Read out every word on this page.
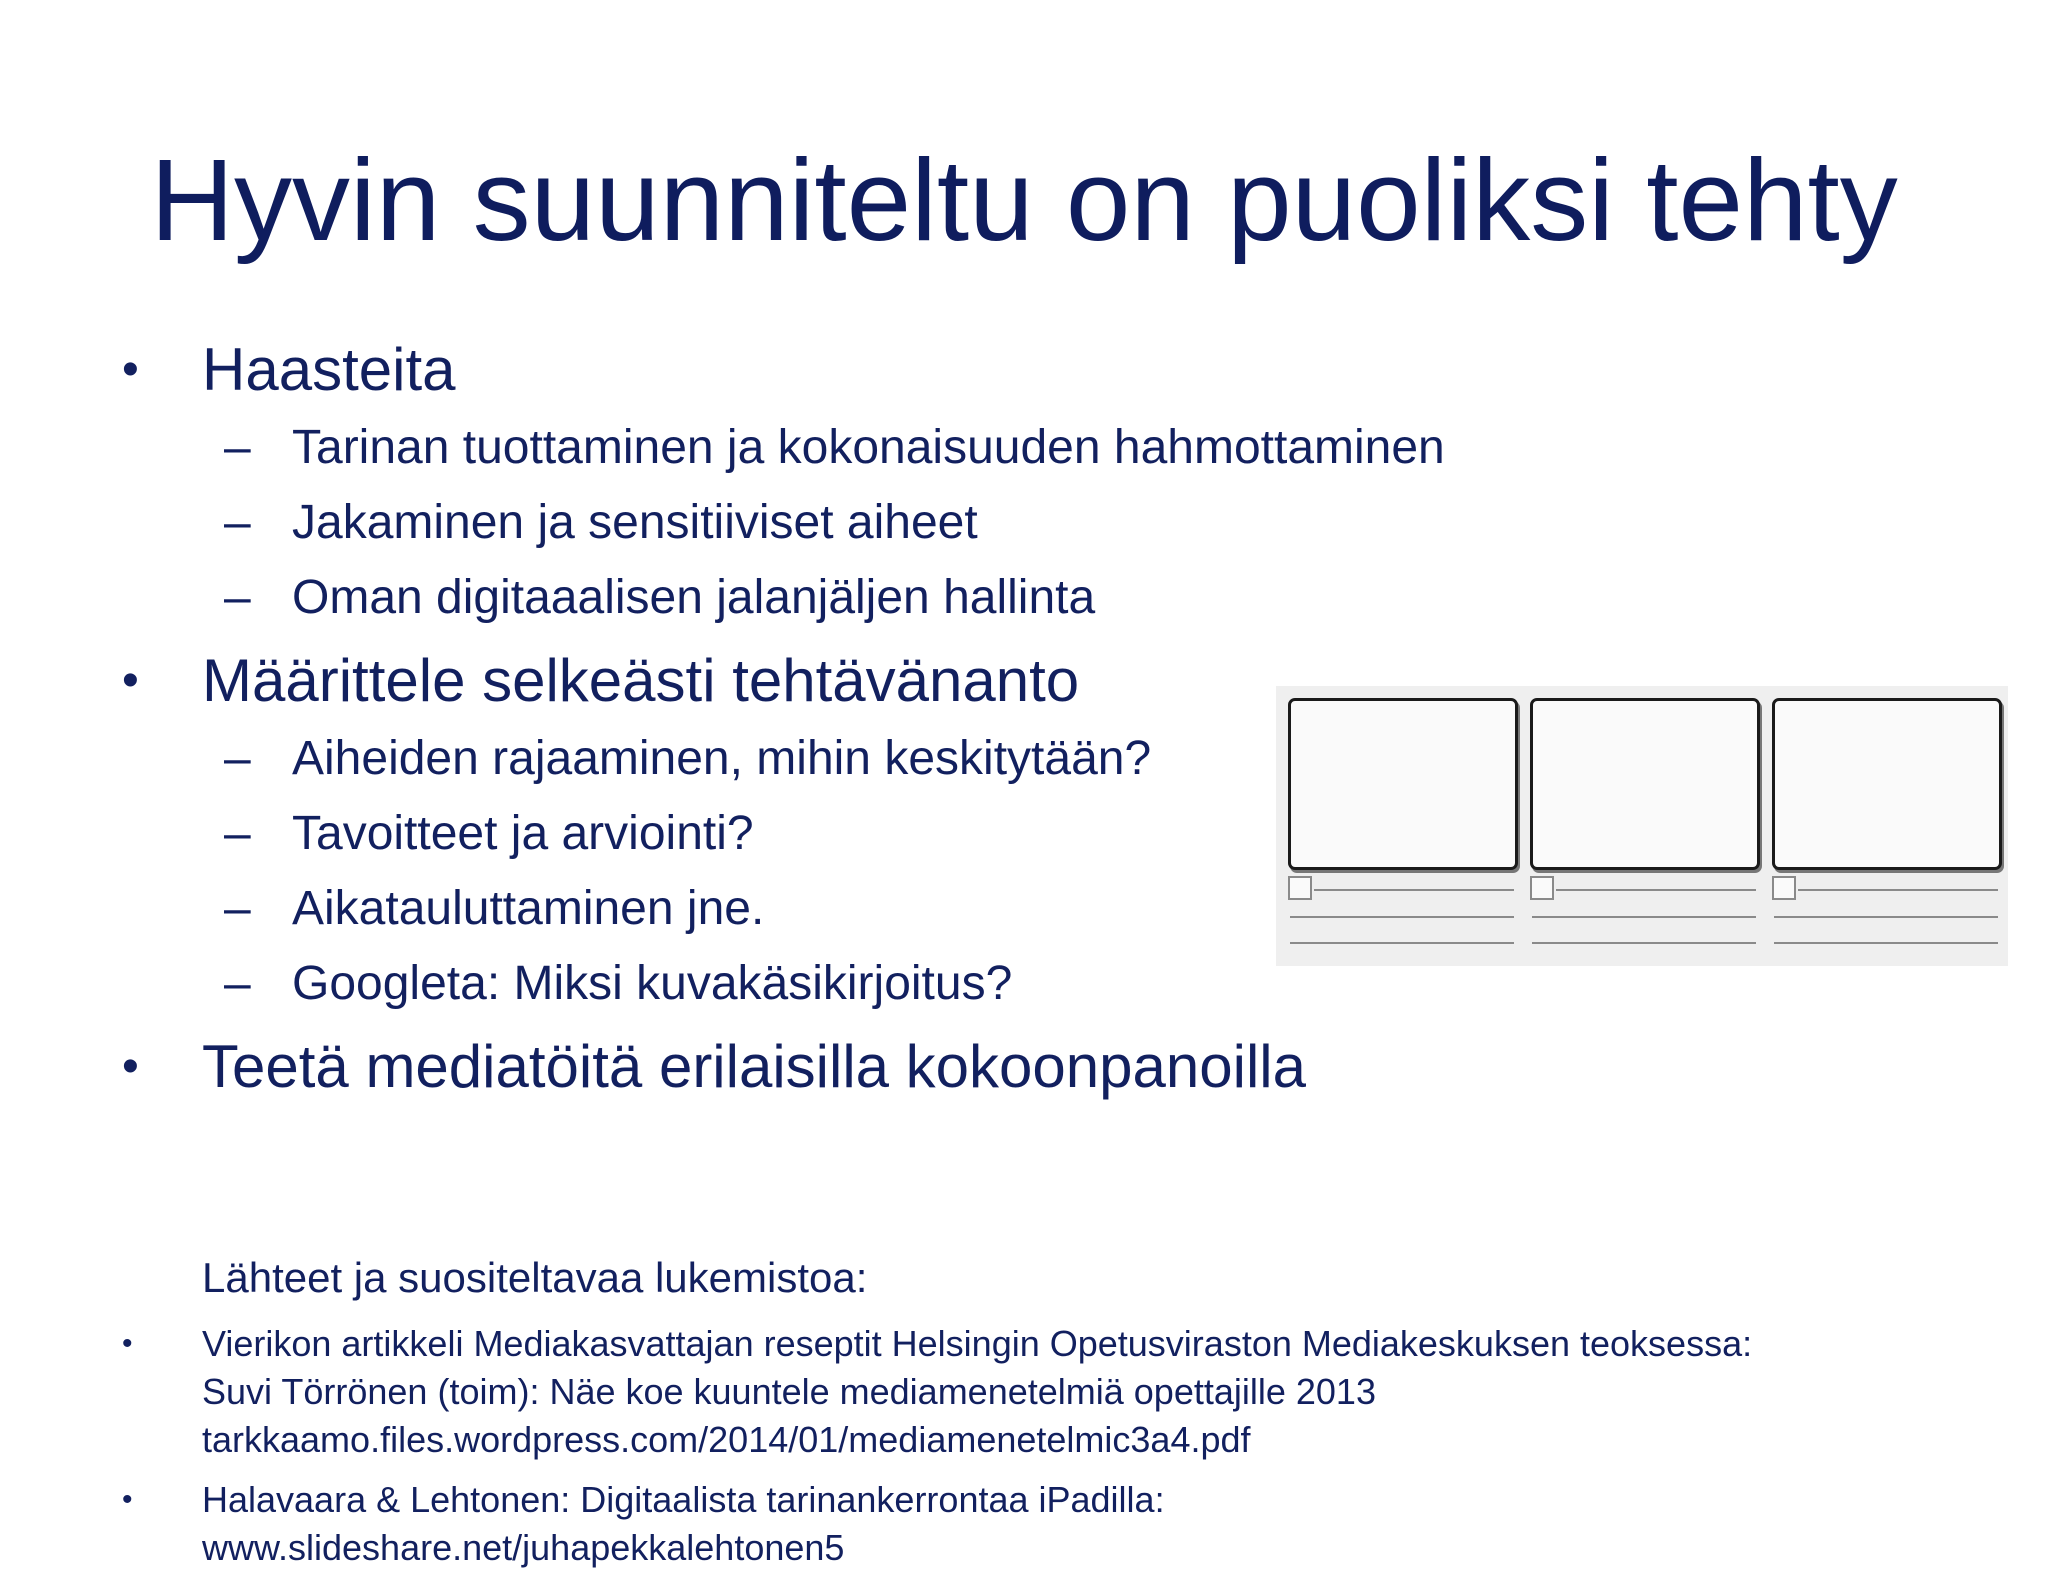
Hyvin suunniteltu on puoliksi tehty
• Haasteita
– Tarinan tuottaminen ja kokonaisuuden hahmottaminen
– Jakaminen ja sensitiiviset aiheet
– Oman digitaaalisen jalanjäljen hallinta
• Määrittele selkeästi tehtävänanto
– Aiheiden rajaaminen, mihin keskitytään?
– Tavoitteet ja arviointi?
– Aikatauluttaminen jne.
– Googleta: Miksi kuvakäsikirjoitus?
• Teetä mediatöitä erilaisilla kokoonpanoilla
Lähteet ja suositeltavaa lukemistoa:
• Vierikon artikkeli Mediakasvattajan reseptit Helsingin Opetusviraston Mediakeskuksen teoksessa:
Suvi Törrönen (toim): Näe koe kuuntele mediamenetelmiä opettajille 2013
tarkkaamo.files.wordpress.com/2014/01/mediamenetelmic3a4.pdf
• Halavaara & Lehtonen: Digitaalista tarinankerrontaa iPadilla:
www.slideshare.net/juhapekkalehtonen5
